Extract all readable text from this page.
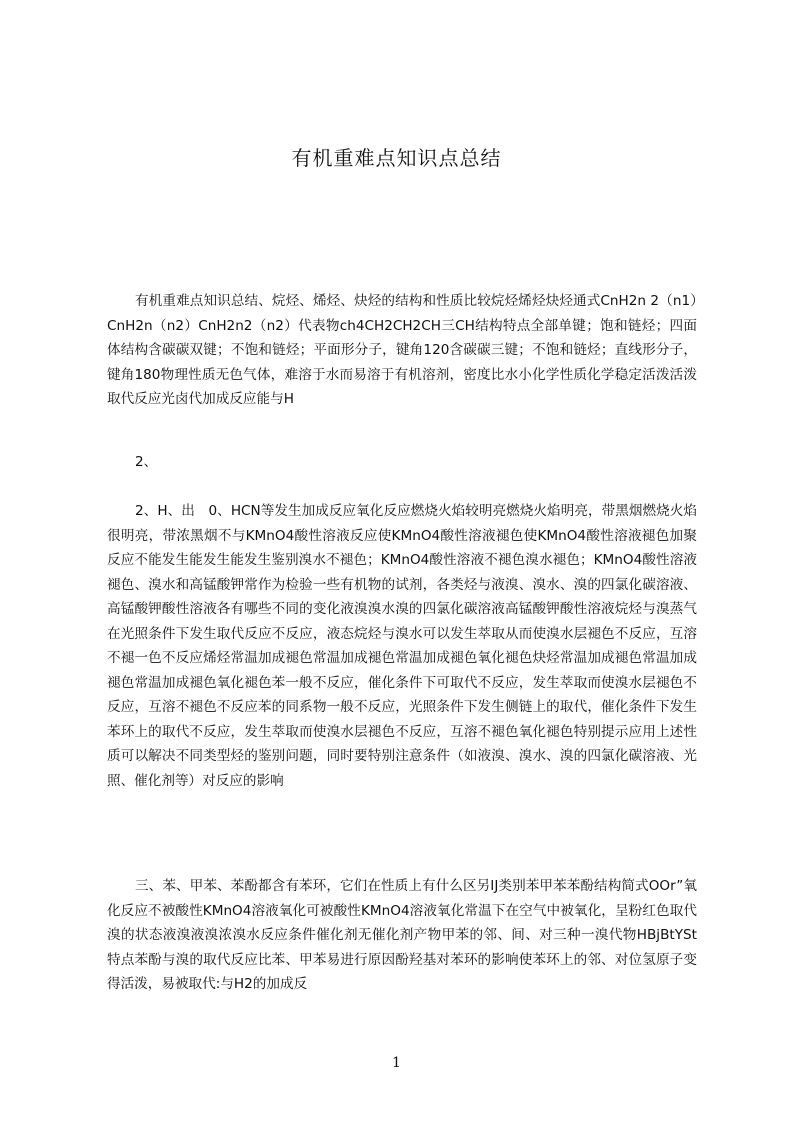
有机重难点知识点总结

有机重难点知识总结、烷烃、烯烃、炔烃的结构和性质比较烷烃烯烃炔烃通式CnH2n 2（n1）CnH2n（n2）CnH2n2（n2）代表物ch4CH2CH2CH三CH结构特点全部单键；饱和链烃；四面体结构含碳碳双键；不饱和链烃；平面形分子，键角120含碳碳三键；不饱和链烃；直线形分子，键角180物理性质无色气体，难溶于水而易溶于有机溶剂，密度比水小化学性质化学稳定活泼活泼取代反应光卤代加成反应能与H

2、

2、H、出　0、HCN等发生加成反应氧化反应燃烧火焰较明亮燃烧火焰明亮，带黑烟燃烧火焰很明亮，带浓黑烟不与KMnO4酸性溶液反应使KMnO4酸性溶液褪色使KMnO4酸性溶液褪色加聚反应不能发生能发生能发生鉴别溴水不褪色；KMnO4酸性溶液不褪色溴水褪色；KMnO4酸性溶液褪色、溴水和高锰酸钾常作为检验一些有机物的试剂，各类烃与液溴、溴水、溴的四氯化碳溶液、高锰酸钾酸性溶液各有哪些不同的变化液溴溴水溴的四氯化碳溶液高锰酸钾酸性溶液烷烃与溴蒸气在光照条件下发生取代反应不反应，液态烷烃与溴水可以发生萃取从而使溴水层褪色不反应，互溶不褪一色不反应烯烃常温加成褪色常温加成褪色常温加成褪色氧化褪色炔烃常温加成褪色常温加成褪色常温加成褪色氧化褪色苯一般不反应，催化条件下可取代不反应，发生萃取而使溴水层褪色不反应，互溶不褪色不反应苯的同系物一般不反应，光照条件下发生侧链上的取代，催化条件下发生苯环上的取代不反应，发生萃取而使溴水层褪色不反应，互溶不褪色氧化褪色特别提示应用上述性质可以解决不同类型烃的鉴别问题，同时要特别注意条件（如液溴、溴水、溴的四氯化碳溶液、光照、催化剂等）对反应的影响

三、苯、甲苯、苯酚都含有苯环，它们在性质上有什么区另IJ类别苯甲苯苯酚结构简式OOr”氧化反应不被酸性KMnO4溶液氧化可被酸性KMnO4溶液氧化常温下在空气中被氧化，呈粉红色取代溴的状态液溴液溴浓溴水反应条件催化剂无催化剂产物甲苯的邻、间、对三种一溴代物HBjBtYSt特点苯酚与溴的取代反应比苯、甲苯易进行原因酚羟基对苯环的影响使苯环上的邻、对位氢原子变得活泼，易被取代:与H2的加成反

1
